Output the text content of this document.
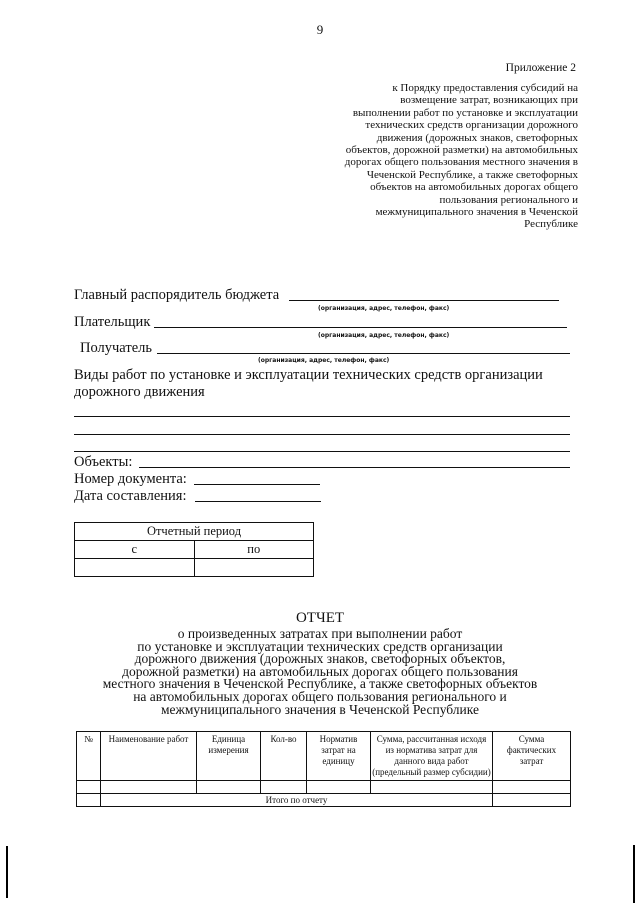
9
Приложение 2
к Порядку предоставления субсидий на
возмещение затрат, возникающих при
выполнении работ по установке и эксплуатации
технических средств организации дорожного
движения (дорожных знаков, светофорных
объектов, дорожной разметки) на автомобильных
дорогах общего пользования местного значения в
Чеченской Республике, а также светофорных
объектов на автомобильных дорогах общего
пользования регионального и
межмуниципального значения в Чеченской
Республике
Главный распорядитель бюджета
(организация, адрес, телефон, факс)
Плательщик
(организация, адрес, телефон, факс)
Получатель
(организация, адрес, телефон, факс)
Виды работ по установке и эксплуатации технических средств организации
дорожного движения
Объекты:
Номер документа:
Дата составления:
Отчетный период	
с	по

ОТЧЕТ
о произведенных затратах при выполнении работ
по установке и эксплуатации технических средств организации
дорожного движения (дорожных знаков, светофорных объектов,
дорожной разметки) на автомобильных дорогах общего пользования
местного значения в Чеченской Республике, а также светофорных объектов
на автомобильных дорогах общего пользования регионального и
межмуниципального значения в Чеченской Республике
№	Наименование работ	Единица измерения	Кол-во	Норматив затрат на единицу	Сумма, рассчитанная исходя из норматива затрат для данного вида работ (предельный размер субсидии)	Сумма фактических затрат

	Итого по отчету					
